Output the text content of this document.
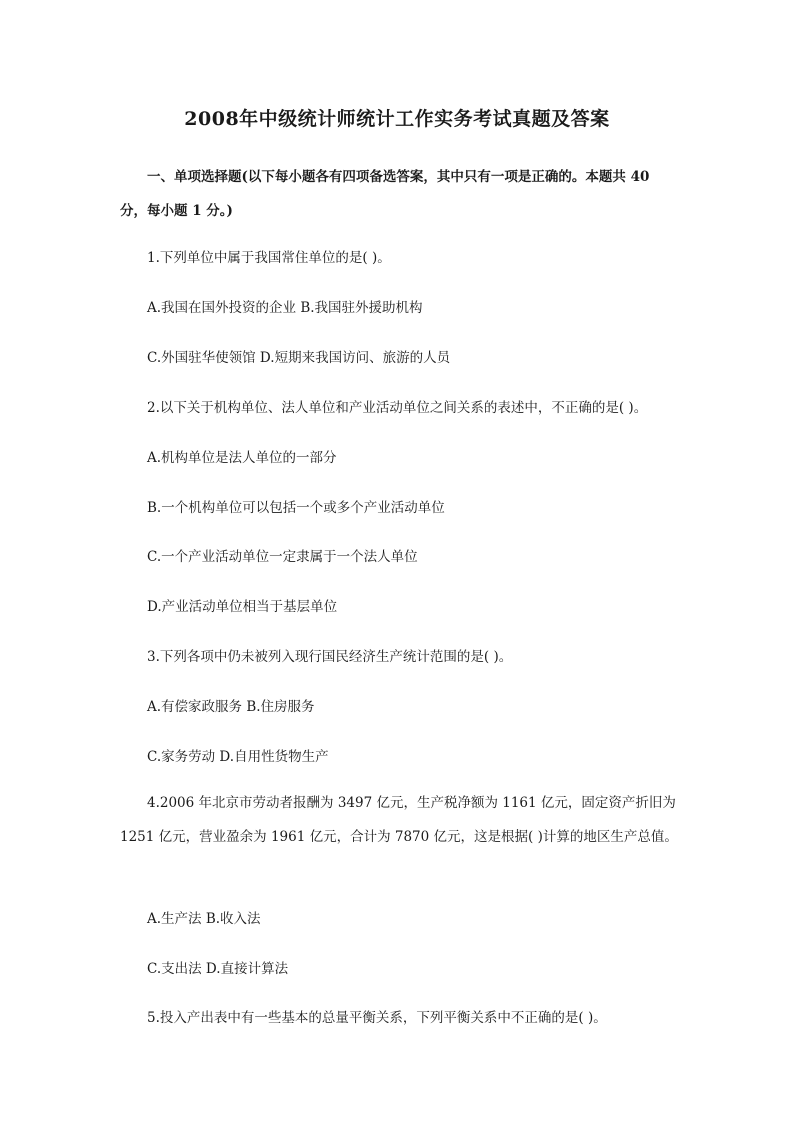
2008年中级统计师统计工作实务考试真题及答案
一、单项选择题(以下每小题各有四项备选答案，其中只有一项是正确的。本题共 40
分，每小题 1 分。)
1.下列单位中属于我国常住单位的是( )。
A.我国在国外投资的企业 B.我国驻外援助机构
C.外国驻华使领馆 D.短期来我国访问、旅游的人员
2.以下关于机构单位、法人单位和产业活动单位之间关系的表述中，不正确的是( )。
A.机构单位是法人单位的一部分
B.一个机构单位可以包括一个或多个产业活动单位
C.一个产业活动单位一定隶属于一个法人单位
D.产业活动单位相当于基层单位
3.下列各项中仍未被列入现行国民经济生产统计范围的是( )。
A.有偿家政服务 B.住房服务
C.家务劳动 D.自用性货物生产
4.2006 年北京市劳动者报酬为 3497 亿元，生产税净额为 1161 亿元，固定资产折旧为
1251 亿元，营业盈余为 1961 亿元，合计为 7870 亿元，这是根据( )计算的地区生产总值。
A.生产法 B.收入法
C.支出法 D.直接计算法
5.投入产出表中有一些基本的总量平衡关系，下列平衡关系中不正确的是( )。
